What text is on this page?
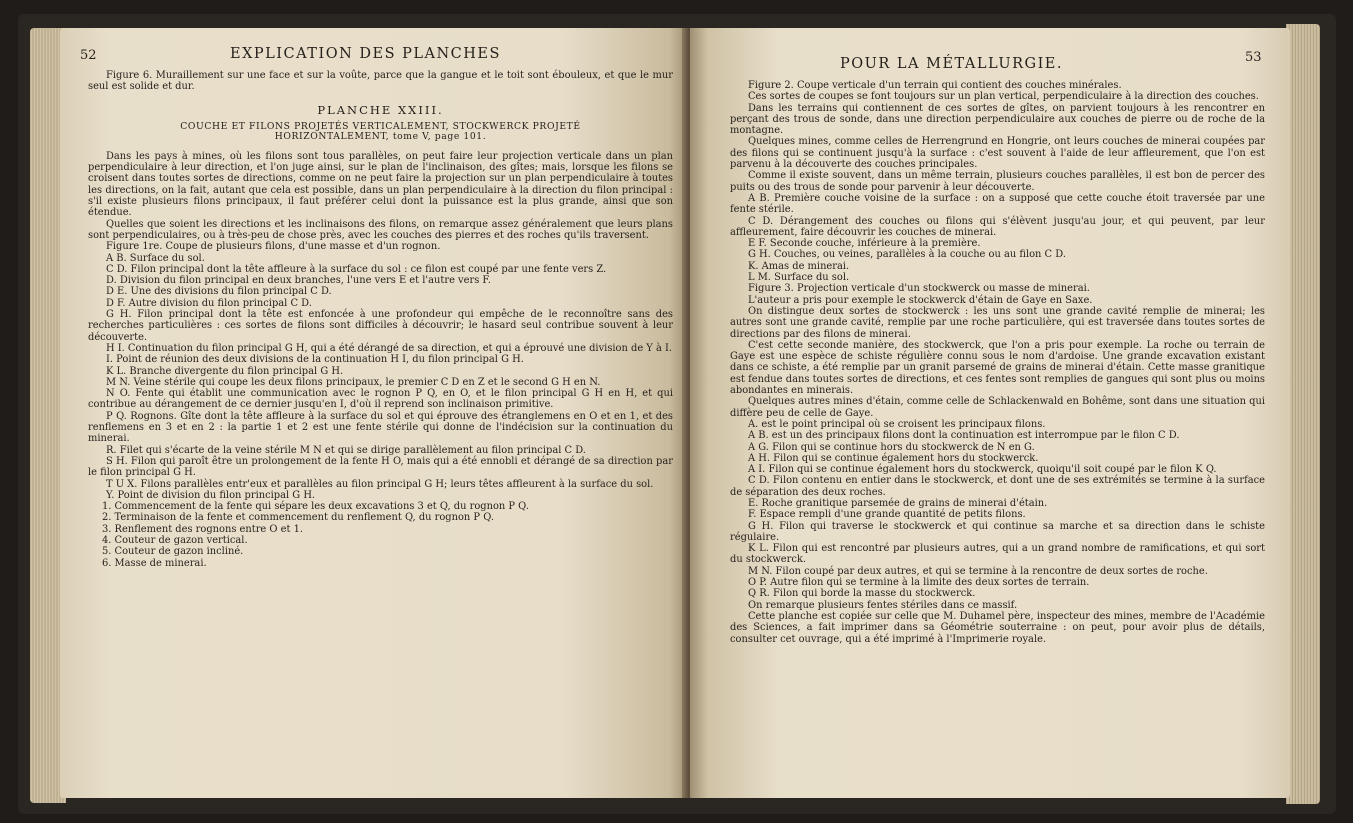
52	EXPLICATION DES PLANCHES

Figure 6. Muraillement sur une face et sur la voûte, parce que la gangue et le toit sont ébouleux, et que le mur seul est solide et dur.

PLANCHE XXIII.
COUCHE ET FILONS PROJETÉS VERTICALEMENT, STOCKWERCK PROJETÉ HORIZONTALEMENT, tome V, page 101.

Dans les pays à mines, où les filons sont tous parallèles, on peut faire leur projection verticale dans un plan perpendiculaire à leur direction, et l'on juge ainsi, sur le plan de l'inclinaison, des gîtes; mais, lorsque les filons se croisent dans toutes sortes de directions, comme on ne peut faire la projection sur un plan perpendiculaire à toutes les directions, on la fait, autant que cela est possible, dans un plan perpendiculaire à la direction du filon principal : s'il existe plusieurs filons principaux, il faut préférer celui dont la puissance est la plus grande, ainsi que son étendue.

Quelles que soient les directions et les inclinaisons des filons, on remarque assez généralement que leurs plans sont perpendiculaires, ou à très-peu de chose près, avec les couches des pierres et des roches qu'ils traversent.

Figure 1re. Coupe de plusieurs filons, d'une masse et d'un rognon.

A B. Surface du sol.

C D. Filon principal dont la tête affleure à la surface du sol : ce filon est coupé par une fente vers Z.

D. Division du filon principal en deux branches, l'une vers E et l'autre vers F.

D E. Une des divisions du filon principal C D.

D F. Autre division du filon principal C D.

G H. Filon principal dont la tête est enfoncée à une profondeur qui empêche de le reconnoître sans des recherches particulières : ces sortes de filons sont difficiles à découvrir; le hasard seul contribue souvent à leur découverte.

H I. Continuation du filon principal G H, qui a été dérangé de sa direction, et qui a éprouvé une division de Y à I.

I. Point de réunion des deux divisions de la continuation H I, du filon principal G H.

K L. Branche divergente du filon principal G H.

M N. Veine stérile qui coupe les deux filons principaux, le premier C D en Z et le second G H en N.

N O. Fente qui établit une communication avec le rognon P Q, en O, et le filon principal G H en H, et qui contribue au dérangement de ce dernier jusqu'en I, d'où il reprend son inclinaison primitive.

P Q. Rognons. Gîte dont la tête affleure à la surface du sol et qui éprouve des étranglemens en O et en 1, et des renflemens en 3 et en 2 : la partie 1 et 2 est une fente stérile qui donne de l'indécision sur la continuation du minerai.

R. Filet qui s'écarte de la veine stérile M N et qui se dirige parallèlement au filon principal C D.

S H. Filon qui paroît être un prolongement de la fente H O, mais qui a été ennobli et dérangé de sa direction par le filon principal G H.

T U X. Filons parallèles entr'eux et parallèles au filon principal G H; leurs têtes affleurent à la surface du sol.

Y. Point de division du filon principal G H.

1. Commencement de la fente qui sépare les deux excavations 3 et Q, du rognon P Q.

2. Terminaison de la fente et commencement du renflement Q, du rognon P Q.

3. Renflement des rognons entre O et 1.

4. Couteur de gazon vertical.

5. Couteur de gazon incliné.

6. Masse de minerai.

POUR LA MÉTALLURGIE.	53

Figure 2. Coupe verticale d'un terrain qui contient des couches minérales.

Ces sortes de coupes se font toujours sur un plan vertical, perpendiculaire à la direction des couches.

Dans les terrains qui contiennent de ces sortes de gîtes, on parvient toujours à les rencontrer en perçant des trous de sonde, dans une direction perpendiculaire aux couches de pierre ou de roche de la montagne.

Quelques mines, comme celles de Herrengrund en Hongrie, ont leurs couches de minerai coupées par des filons qui se continuent jusqu'à la surface : c'est souvent à l'aide de leur affleurement, que l'on est parvenu à la découverte des couches principales.

Comme il existe souvent, dans un même terrain, plusieurs couches parallèles, il est bon de percer des puits ou des trous de sonde pour parvenir à leur découverte.

A B. Première couche voisine de la surface : on a supposé que cette couche étoit traversée par une fente stérile.

C D. Dérangement des couches ou filons qui s'élèvent jusqu'au jour, et qui peuvent, par leur affleurement, faire découvrir les couches de minerai.

E F. Seconde couche, inférieure à la première.

G H. Couches, ou veines, parallèles à la couche ou au filon C D.

K. Amas de minerai.

L M. Surface du sol.

Figure 3. Projection verticale d'un stockwerck ou masse de minerai.

L'auteur a pris pour exemple le stockwerck d'étain de Gaye en Saxe.

On distingue deux sortes de stockwerck : les uns sont une grande cavité remplie de minerai; les autres sont une grande cavité, remplie par une roche particulière, qui est traversée dans toutes sortes de directions par des filons de minerai.

C'est cette seconde manière, des stockwerck, que l'on a pris pour exemple. La roche ou terrain de Gaye est une espèce de schiste régulière connu sous le nom d'ardoise. Une grande excavation existant dans ce schiste, a été remplie par un granit parsemé de grains de minerai d'étain. Cette masse granitique est fendue dans toutes sortes de directions, et ces fentes sont remplies de gangues qui sont plus ou moins abondantes en minerais.

Quelques autres mines d'étain, comme celle de Schlackenwald en Bohême, sont dans une situation qui diffère peu de celle de Gaye.

A. est le point principal où se croisent les principaux filons.

A B. est un des principaux filons dont la continuation est interrompue par le filon C D.

A G. Filon qui se continue hors du stockwerck de N en G.

A H. Filon qui se continue également hors du stockwerck.

A I. Filon qui se continue également hors du stockwerck, quoiqu'il soit coupé par le filon K Q.

C D. Filon contenu en entier dans le stockwerck, et dont une de ses extrémités se termine à la surface de séparation des deux roches.

E. Roche granitique parsemée de grains de minerai d'étain.

F. Espace rempli d'une grande quantité de petits filons.

G H. Filon qui traverse le stockwerck et qui continue sa marche et sa direction dans le schiste régulaire.

K L. Filon qui est rencontré par plusieurs autres, qui a un grand nombre de ramifications, et qui sort du stockwerck.

M N. Filon coupé par deux autres, et qui se termine à la rencontre de deux sortes de roche.

O P. Autre filon qui se termine à la limite des deux sortes de terrain.

Q R. Filon qui borde la masse du stockwerck.

On remarque plusieurs fentes stériles dans ce massif.

Cette planche est copiée sur celle que M. Duhamel père, inspecteur des mines, membre de l'Académie des Sciences, a fait imprimer dans sa Géométrie souterraine : on peut, pour avoir plus de détails, consulter cet ouvrage, qui a été imprimé à l'Imprimerie royale.
